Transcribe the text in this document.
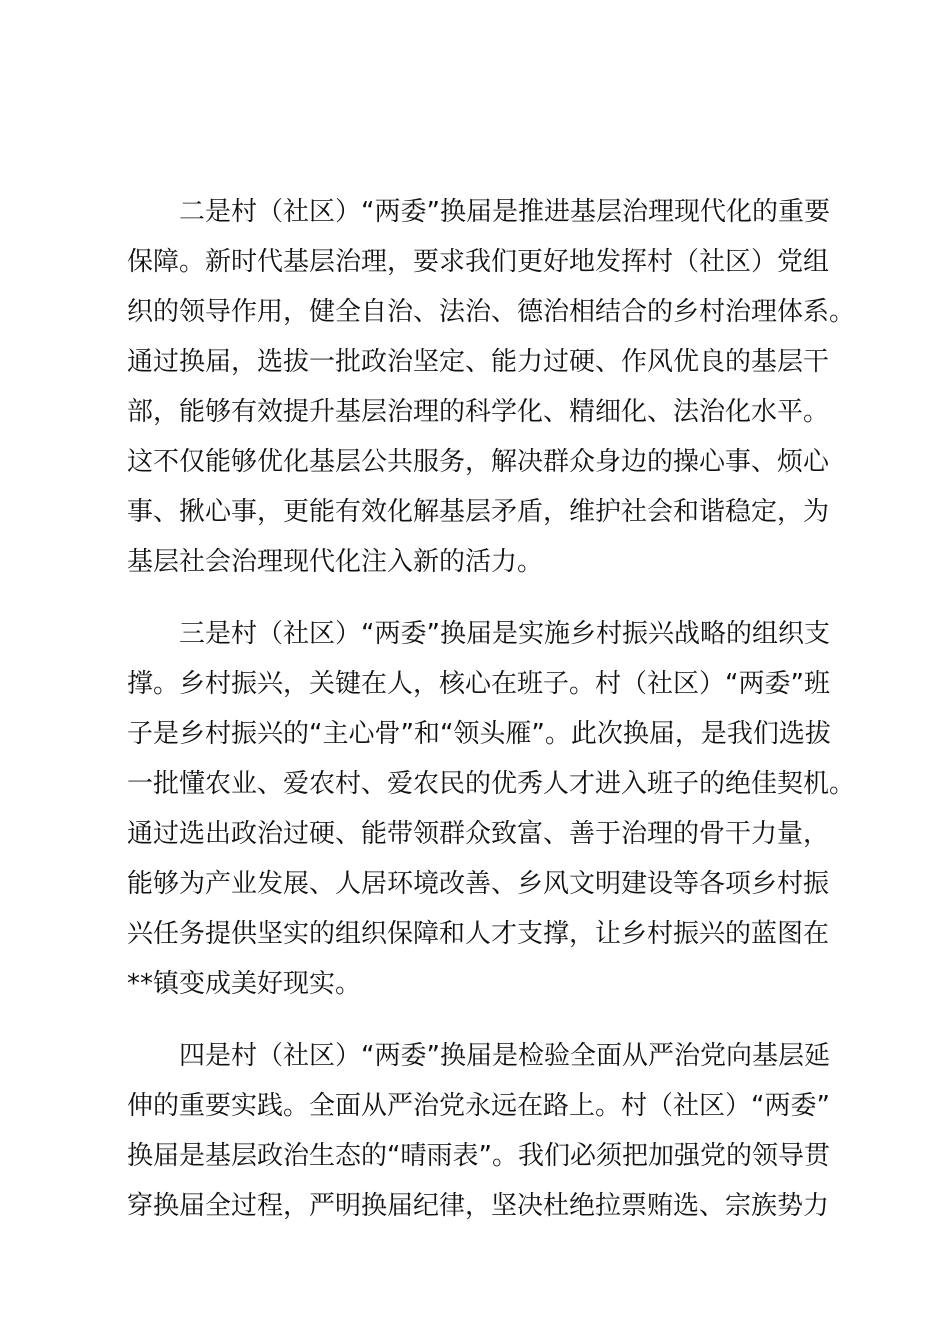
二是村（社区）“两委”换届是推进基层治理现代化的重要
保障。新时代基层治理，要求我们更好地发挥村（社区）党组
织的领导作用，健全自治、法治、德治相结合的乡村治理体系。
通过换届，选拔一批政治坚定、能力过硬、作风优良的基层干
部，能够有效提升基层治理的科学化、精细化、法治化水平。
这不仅能够优化基层公共服务，解决群众身边的操心事、烦心
事、揪心事，更能有效化解基层矛盾，维护社会和谐稳定，为
基层社会治理现代化注入新的活力。
三是村（社区）“两委”换届是实施乡村振兴战略的组织支
撑。乡村振兴，关键在人，核心在班子。村（社区）“两委”班
子是乡村振兴的“主心骨”和“领头雁”。此次换届，是我们选拔
一批懂农业、爱农村、爱农民的优秀人才进入班子的绝佳契机。
通过选出政治过硬、能带领群众致富、善于治理的骨干力量，
能够为产业发展、人居环境改善、乡风文明建设等各项乡村振
兴任务提供坚实的组织保障和人才支撑，让乡村振兴的蓝图在
**镇变成美好现实。
四是村（社区）“两委”换届是检验全面从严治党向基层延
伸的重要实践。全面从严治党永远在路上。村（社区）“两委”
换届是基层政治生态的“晴雨表”。我们必须把加强党的领导贯
穿换届全过程，严明换届纪律，坚决杜绝拉票贿选、宗族势力
